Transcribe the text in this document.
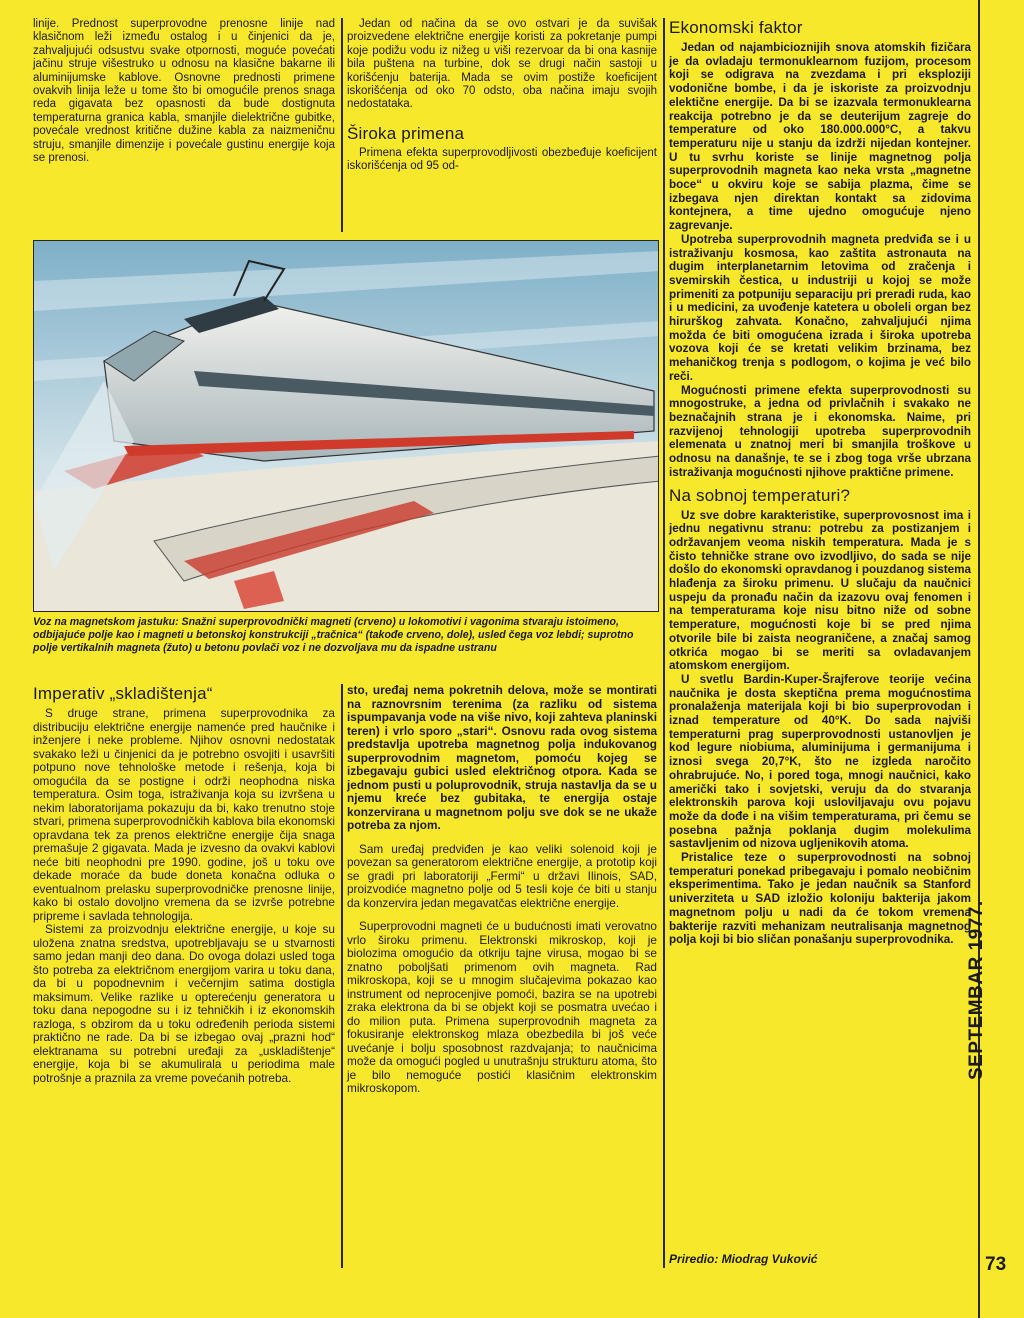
linije. Prednost superprovodne prenosne linije nad klasičnom leži između ostalog i u činjenici da je, zahvaljujući odsustvu svake otpornosti, moguće povećati jačinu struje višestruko u odnosu na klasične bakarne ili aluminijumske kablove. Osnovne prednosti primene ovakvih linija leže u tome što bi omogućile prenos snaga reda gigavata bez opasnosti da bude dostignuta temperaturna granica kabla, smanjile dielektrične gubitke, povećale vrednost kritične dužine kabla za naizmeničnu struju, smanjile dimenzije i povećale gustinu energije koja se prenosi.

Jedan od načina da se ovo ostvari je da suvišak proizvedene električne energije koristi za pokretanje pumpi koje podižu vodu iz nižeg u viši rezervoar da bi ona kasnije bila puštena na turbine, dok se drugi način sastoji u korišćenju baterija. Mada se ovim postiže koeficijent iskorišćenja od oko 70 odsto, oba načina imaju svojih nedostataka.

Široka primena

Primena efekta superprovodljivosti obezbeđuje koeficijent iskorišćenja od 95 od-

Ekonomski faktor

Jedan od najambicioznijih snova atomskih fizičara je da ovladaju termonuklearnom fuzijom, procesom koji se odigrava na zvezdama i pri eksploziji vodonične bombe, i da je iskoriste za proizvodnju elektične energije. Da bi se izazvala termonuklearna reakcija potrebno je da se deuterijum zagreje do temperature od oko 180.000.000°C, a takvu temperaturu nije u stanju da izdrži nijedan kontejner. U tu svrhu koriste se linije magnetnog polja superprovodnih magneta kao neka vrsta „magnetne boce“ u okviru koje se sabija plazma, čime se izbegava njen direktan kontakt sa zidovima kontejnera, a time ujedno omogućuje njeno zagrevanje.

Upotreba superprovodnih magneta predviđa se i u istraživanju kosmosa, kao zaštita astronauta na dugim interplanetarnim letovima od zračenja i svemirskih čestica, u industriji u kojoj se može primeniti za potpuniju separaciju pri preradi ruda, kao i u medicini, za uvođenje katetera u oboleli organ bez hirurškog zahvata. Konačno, zahvaljujući njima možda će biti omogućena izrada i široka upotreba vozova koji će se kretati velikim brzinama, bez mehaničkog trenja s podlogom, o kojima je već bilo reči.

Mogućnosti primene efekta superprovodnosti su mnogostruke, a jedna od privlačnih i svakako ne beznačajnih strana je i ekonomska. Naime, pri razvijenoj tehnologiji upotreba superprovodnih elemenata u znatnoj meri bi smanjila troškove u odnosu na današnje, te se i zbog toga vrše ubrzana istraživanja mogućnosti njihove praktične primene.

Na sobnoj temperaturi?

Uz sve dobre karakteristike, superprovosnost ima i jednu negativnu stranu: potrebu za postizanjem i održavanjem veoma niskih temperatura. Mada je s čisto tehničke strane ovo izvodljivo, do sada se nije došlo do ekonomski opravdanog i pouzdanog sistema hlađenja za široku primenu. U slučaju da naučnici uspeju da pronađu način da izazovu ovaj fenomen i na temperaturama koje nisu bitno niže od sobne temperature, mogućnosti koje bi se pred njima otvorile bile bi zaista neograničene, a značaj samog otkrića mogao bi se meriti sa ovladavanjem atomskom energijom.

U svetlu Bardin-Kuper-Šrajferove teorije većina naučnika je dosta skeptična prema mogućnostima pronalaženja materijala koji bi bio superprovodan i iznad temperature od 40°K. Do sada najviši temperaturni prag superprovodnosti ustanovljen je kod legure niobiuma, aluminijuma i germanijuma i iznosi svega 20,7°K, što ne izgleda naročito ohrabrujuće. No, i pored toga, mnogi naučnici, kako američki tako i sovjetski, veruju da do stvaranja elektronskih parova koji usloviljavaju ovu pojavu može da dođe i na višim temperaturama, pri čemu se posebna pažnja poklanja dugim molekulima sastavljenim od nizova ugljenikovih atoma.

Pristalice teze o superprovodnosti na sobnoj temperaturi ponekad pribegavaju i pomalo neobičnim eksperimentima. Tako je jedan naučnik sa Stanford univerziteta u SAD izložio koloniju bakterija jakom magnetnom polju u nadi da će tokom vremena bakterije razviti mehanizam neutralisanja magnetnog polja koji bi bio sličan ponašanju superprovodnika.

Priredio: Miodrag Vuković
Voz na magnetskom jastuku: Snažni superprovodnički magneti (crveno) u lokomotivi i vagonima stvaraju istoimeno, odbijajuće polje kao i magneti u betonskoj konstrukciji „tračnica“ (takođe crveno, dole), usled čega voz lebdi; suprotno polje vertikalnih magneta (žuto) u betonu povlači voz i ne dozvoljava mu da ispadne ustranu
Imperativ „skladištenja“

S druge strane, primena superprovodnika za distribuciju električne energije namenće pred haučnike i inženjere i neke probleme. Njihov osnovni nedostatak svakako leži u činjenici da je potrebno osvojiti i usavršiti potpuno nove tehnološke metode i rešenja, koja bi omogućila da se postigne i održi neophodna niska temperatura. Osim toga, istraživanja koja su izvršena u nekim laboratorijama pokazuju da bi, kako trenutno stoje stvari, primena superprovodničkih kablova bila ekonomski opravdana tek za prenos električne energije čija snaga premašuje 2 gigavata. Mada je izvesno da ovakvi kablovi neće biti neophodni pre 1990. godine, još u toku ove dekade moraće da bude doneta konačna odluka o eventualnom prelasku superprovodničke prenosne linije, kako bi ostalo dovoljno vremena da se izvrše potrebne pripreme i savlada tehnologija.

Sistemi za proizvodnju električne energije, u koje su uložena znatna sredstva, upotrebljavaju se u stvarnosti samo jedan manji deo dana. Do ovoga dolazi usled toga što potreba za električnom energijom varira u toku dana, da bi u popodnevnim i večernjim satima dostigla maksimum. Velike razlike u opterećenju generatora u toku dana nepogodne su i iz tehničkih i iz ekonomskih razloga, s obzirom da u toku određenih perioda sistemi praktično ne rade. Da bi se izbegao ovaj „prazni hod“ elektranama su potrebni uređaji za „uskladištenje“ energije, koja bi se akumulirala u periodima male potrošnje a praznila za vreme povećanih potreba.

sto, uređaj nema pokretnih delova, može se montirati na raznovrsnim terenima (za razliku od sistema ispumpavanja vode na više nivo, koji zahteva planinski teren) i vrlo sporo „stari“. Osnovu rada ovog sistema predstavlja upotreba magnetnog polja indukovanog superprovodnim magnetom, pomoću kojeg se izbegavaju gubici usled električnog otpora. Kada se jednom pusti u poluprovodnik, struja nastavlja da se u njemu kreće bez gubitaka, te energija ostaje konzervirana u magnetnom polju sve dok se ne ukaže potreba za njom.

Sam uređaj predviđen je kao veliki solenoid koji je povezan sa generatorom električne energije, a prototip koji se gradi pri laboratoriji „Fermi“ u državi Ilinois, SAD, proizvodiće magnetno polje od 5 tesli koje će biti u stanju da konzervira jedan megavatčas električne energije.

Superprovodni magneti će u budućnosti imati verovatno vrlo široku primenu. Elektronski mikroskop, koji je biolozima omogućio da otkriju tajne virusa, mogao bi se znatno poboljšati primenom ovih magneta. Rad mikroskopa, koji se u mnogim slučajevima pokazao kao instrument od neprocenjive pomoći, bazira se na upotrebi zraka elektrona da bi se objekt koji se posmatra uvećao i do milion puta. Primena superprovodnih magneta za fokusiranje elektronskog mlaza obezbedila bi još veće uvećanje i bolju sposobnost razdvajanja; to naučnicima može da omogući pogled u unutrašnju strukturu atoma, što je bilo nemoguće postići klasičnim elektronskim mikroskopom.

SEPTEMBAR 1977.
73
